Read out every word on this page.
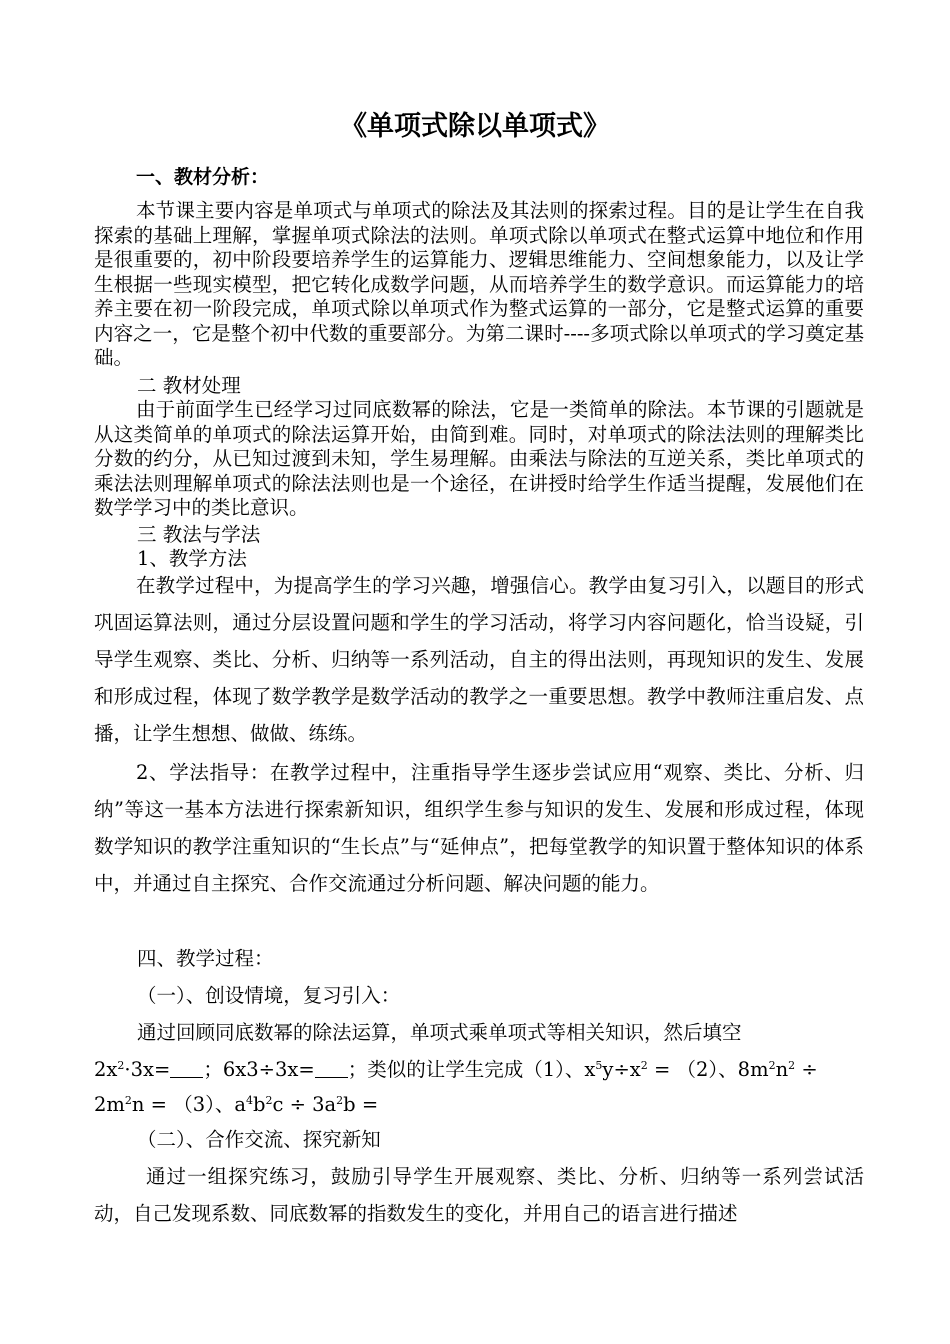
《单项式除以单项式》
一、教材分析：

本节课主要内容是单项式与单项式的除法及其法则的探索过程。目的是让学生在自我探索的基础上理解，掌握单项式除法的法则。单项式除以单项式在整式运算中地位和作用是很重要的，初中阶段要培养学生的运算能力、逻辑思维能力、空间想象能力，以及让学生根据一些现实模型，把它转化成数学问题，从而培养学生的数学意识。而运算能力的培养主要在初一阶段完成，单项式除以单项式作为整式运算的一部分，它是整式运算的重要内容之一，它是整个初中代数的重要部分。为第二课时----多项式除以单项式的学习奠定基础。

二 教材处理

由于前面学生已经学习过同底数幂的除法，它是一类简单的除法。本节课的引题就是从这类简单的单项式的除法运算开始，由简到难。同时，对单项式的除法法则的理解类比分数的约分，从已知过渡到未知，学生易理解。由乘法与除法的互逆关系，类比单项式的乘法法则理解单项式的除法法则也是一个途径，在讲授时给学生作适当提醒，发展他们在数学学习中的类比意识。

三 教法与学法

1、教学方法

在教学过程中，为提高学生的学习兴趣，增强信心。教学由复习引入，以题目的形式巩固运算法则，通过分层设置问题和学生的学习活动，将学习内容问题化，恰当设疑，引导学生观察、类比、分析、归纳等一系列活动，自主的得出法则，再现知识的发生、发展和形成过程，体现了数学教学是数学活动的教学之一重要思想。教学中教师注重启发、点播，让学生想想、做做、练练。

2、学法指导：在教学过程中，注重指导学生逐步尝试应用“观察、类比、分析、归纳”等这一基本方法进行探索新知识，组织学生参与知识的发生、发展和形成过程，体现数学知识的教学注重知识的“生长点”与“延伸点”，把每堂教学的知识置于整体知识的体系中，并通过自主探究、合作交流通过分析问题、解决问题的能力。

四、教学过程：

（一）、创设情境，复习引入：

通过回顾同底数幂的除法运算，单项式乘单项式等相关知识，然后填空

$2x^2\cdot 3x=$ ；6x3÷3x= ；类似的让学生完成（1）、$x^5y\div x^2 = (2)$、$8m^2n^2$ ÷

$2m^2n = (3)$、$a^4b^2c \div 3a^2b$ =

（二）、合作交流、探究新知

通过一组探究练习，鼓励引导学生开展观察、类比、分析、归纳等一系列尝试活动，自己发现系数、同底数幂的指数发生的变化，并用自己的语言进行描述
